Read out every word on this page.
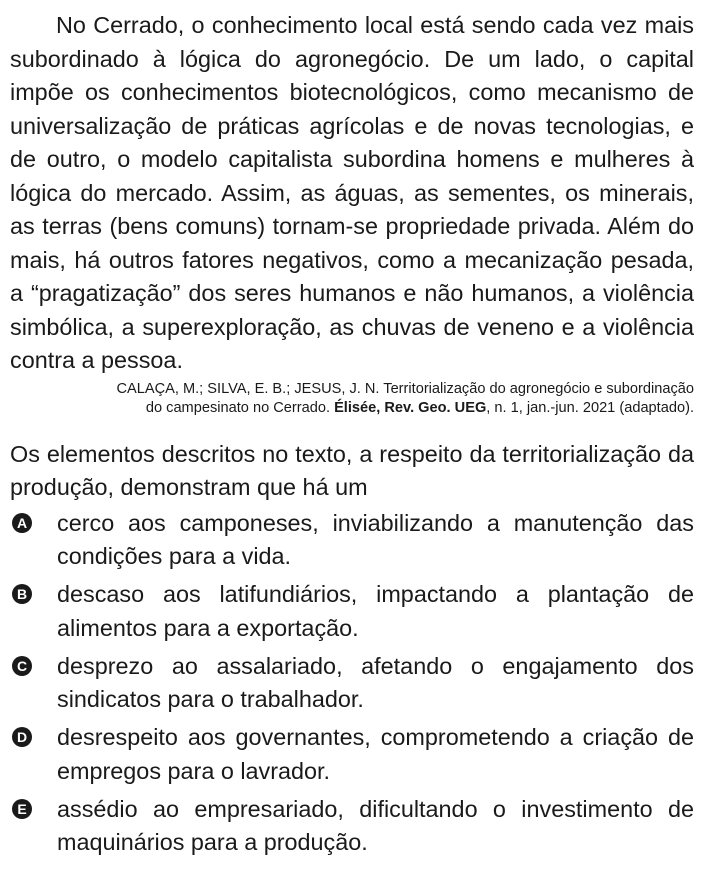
No Cerrado, o conhecimento local está sendo cada vez mais subordinado à lógica do agronegócio. De um lado, o capital impõe os conhecimentos biotecnológicos, como mecanismo de universalização de práticas agrícolas e de novas tecnologias, e de outro, o modelo capitalista subordina homens e mulheres à lógica do mercado. Assim, as águas, as sementes, os minerais, as terras (bens comuns) tornam-se propriedade privada. Além do mais, há outros fatores negativos, como a mecanização pesada, a “pragatização” dos seres humanos e não humanos, a violência simbólica, a superexploração, as chuvas de veneno e a violência contra a pessoa.

CALAÇA, M.; SILVA, E. B.; JESUS, J. N. Territorialização do agronegócio e subordinação
do campesinato no Cerrado. Élisée, Rev. Geo. UEG, n. 1, jan.-jun. 2021 (adaptado).

Os elementos descritos no texto, a respeito da territorialização da produção, demonstram que há um

A cerco aos camponeses, inviabilizando a manutenção das condições para a vida.
B descaso aos latifundiários, impactando a plantação de alimentos para a exportação.
C desprezo ao assalariado, afetando o engajamento dos sindicatos para o trabalhador.
D desrespeito aos governantes, comprometendo a criação de empregos para o lavrador.
E assédio ao empresariado, dificultando o investimento de maquinários para a produção.
